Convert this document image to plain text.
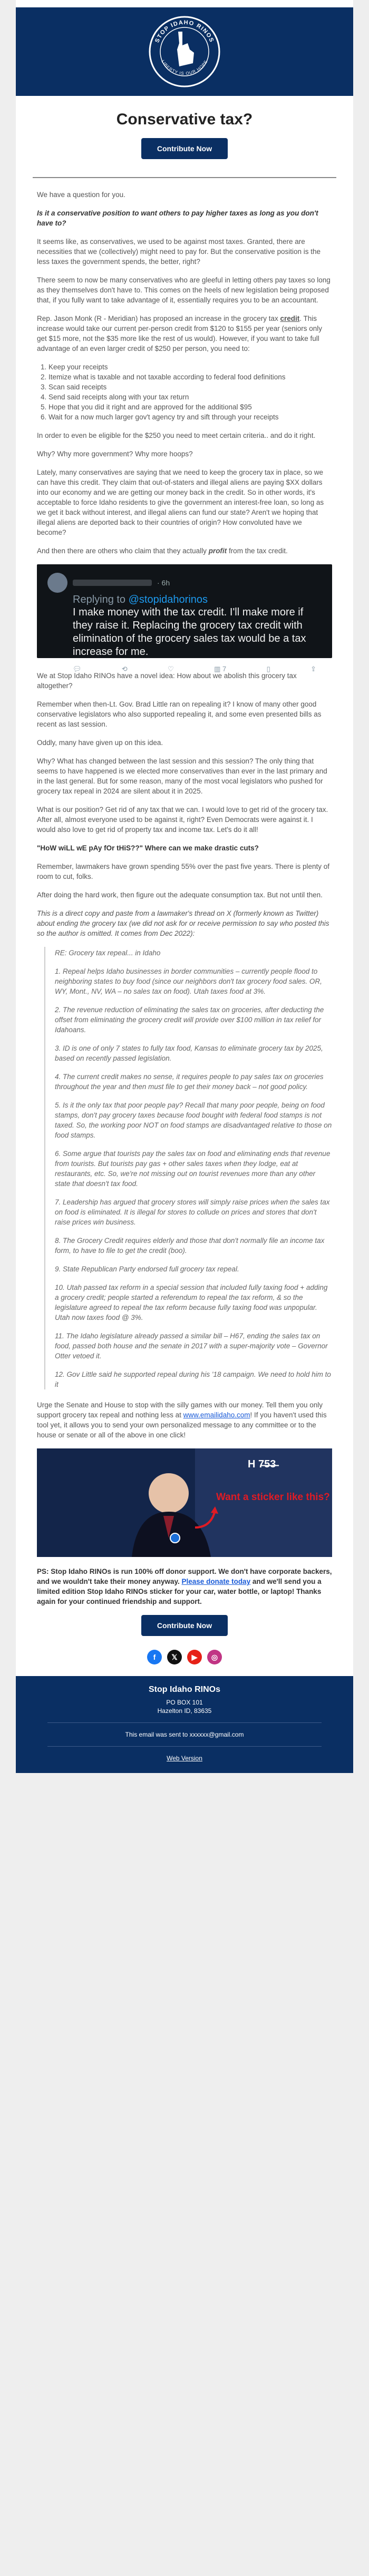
STOP IDAHO RINOS
LIBERTY IS OUR HOPE
Conservative tax?
Contribute Now

We have a question for you.

Is it a conservative position to want others to pay higher taxes as long as you don't have to?

It seems like, as conservatives, we used to be against most taxes. Granted, there are necessities that we (collectively) might need to pay for. But the conservative position is the less taxes the government spends, the better, right?

There seem to now be many conservatives who are gleeful in letting others pay taxes so long as they themselves don't have to. This comes on the heels of new legislation being proposed that, if you fully want to take advantage of it, essentially requires you to be an accountant.

Rep. Jason Monk (R - Meridian) has proposed an increase in the grocery tax credit. This increase would take our current per-person credit from $120 to $155 per year (seniors only get $15 more, not the $35 more like the rest of us would). However, if you want to take full advantage of an even larger credit of $250 per person, you need to:

1. Keep your receipts
2. Itemize what is taxable and not taxable according to federal food definitions
3. Scan said receipts
4. Send said receipts along with your tax return
5. Hope that you did it right and are approved for the additional $95
6. Wait for a now much larger gov't agency try and sift through your receipts

In order to even be eligible for the $250 you need to meet certain criteria.. and do it right.

Why? Why more government? Why more hoops?

Lately, many conservatives are saying that we need to keep the grocery tax in place, so we can have this credit. They claim that out-of-staters and illegal aliens are paying $XX dollars into our economy and we are getting our money back in the credit. So in other words, it's acceptable to force Idaho residents to give the government an interest-free loan, so long as we get it back without interest, and illegal aliens can fund our state? Aren't we hoping that illegal aliens are deported back to their countries of origin? How convoluted have we become?

And then there are others who claim that they actually profit from the tax credit.

· 6h
Replying to @stopidahorinos
I make money with the tax credit. I'll make more if they raise it. Replacing the grocery tax credit with elimination of the grocery sales tax would be a tax increase for me.
💬︎	⟲	♡	▥ 7	▯	⇪

We at Stop Idaho RINOs have a novel idea: How about we abolish this grocery tax altogether?

Remember when then-Lt. Gov. Brad Little ran on repealing it? I know of many other good conservative legislators who also supported repealing it, and some even presented bills as recent as last session.

Oddly, many have given up on this idea.

Why? What has changed between the last session and this session? The only thing that seems to have happened is we elected more conservatives than ever in the last primary and in the last general. But for some reason, many of the most vocal legislators who pushed for grocery tax repeal in 2024 are silent about it in 2025.

What is our position? Get rid of any tax that we can. I would love to get rid of the grocery tax. After all, almost everyone used to be against it, right? Even Democrats were against it. I would also love to get rid of property tax and income tax. Let's do it all!

"HoW wiLL wE pAy fOr tHiS??" Where can we make drastic cuts?

Remember, lawmakers have grown spending 55% over the past five years. There is plenty of room to cut, folks.

After doing the hard work, then figure out the adequate consumption tax. But not until then.

This is a direct copy and paste from a lawmaker's thread on X (formerly known as Twitter) about ending the grocery tax (we did not ask for or receive permission to say who posted this so the author is omitted. It comes from Dec 2022):

RE: Grocery tax repeal... in Idaho

1. Repeal helps Idaho businesses in border communities – currently people flood to neighboring states to buy food (since our neighbors don't tax grocery food sales. OR, WY, Mont., NV, WA – no sales tax on food). Utah taxes food at 3%.

2. The revenue reduction of eliminating the sales tax on groceries, after deducting the offset from eliminating the grocery credit will provide over $100 million in tax relief for Idahoans.

3. ID is one of only 7 states to fully tax food, Kansas to eliminate grocery tax by 2025, based on recently passed legislation.

4. The current credit makes no sense, it requires people to pay sales tax on groceries throughout the year and then must file to get their money back – not good policy.

5. Is it the only tax that poor people pay? Recall that many poor people, being on food stamps, don't pay grocery taxes because food bought with federal food stamps is not taxed. So, the working poor NOT on food stamps are disadvantaged relative to those on food stamps.

6. Some argue that tourists pay the sales tax on food and eliminating ends that revenue from tourists. But tourists pay gas + other sales taxes when they lodge, eat at restaurants, etc. So, we're not missing out on tourist revenues more than any other state that doesn't tax food.

7. Leadership has argued that grocery stores will simply raise prices when the sales tax on food is eliminated. It is illegal for stores to collude on prices and stores that don't raise prices win business.

8. The Grocery Credit requires elderly and those that don't normally file an income tax form, to have to file to get the credit (boo).

9. State Republican Party endorsed full grocery tax repeal.

10. Utah passed tax reform in a special session that included fully taxing food + adding a grocery credit; people started a referendum to repeal the tax reform, & so the legislature agreed to repeal the tax reform because fully taxing food was unpopular. Utah now taxes food @ 3%.

11. The Idaho legislature already passed a similar bill – H67, ending the sales tax on food, passed both house and the senate in 2017 with a super-majority vote – Governor Otter vetoed it.

12. Gov Little said he supported repeal during his '18 campaign. We need to hold him to it

Urge the Senate and House to stop with the silly games with our money. Tell them you only support grocery tax repeal and nothing less at www.emailidaho.com! If you haven't used this tool yet, it allows you to send your own personalized message to any committee or to the house or senate or all of the above in one click!

H 7̶5̶3̶
Want a sticker like this?

PS: Stop Idaho RINOs is run 100% off donor support. We don't have corporate backers, and we wouldn't take their money anyway. Please donate today and we'll send you a limited edition Stop Idaho RINOs sticker for your car, water bottle, or laptop! Thanks again for your continued friendship and support.

Contribute Now
f	𝕏	▶	◎
Stop Idaho RINOs
PO BOX 101
Hazelton ID, 83635
This email was sent to xxxxxx@gmail.com
Web Version
